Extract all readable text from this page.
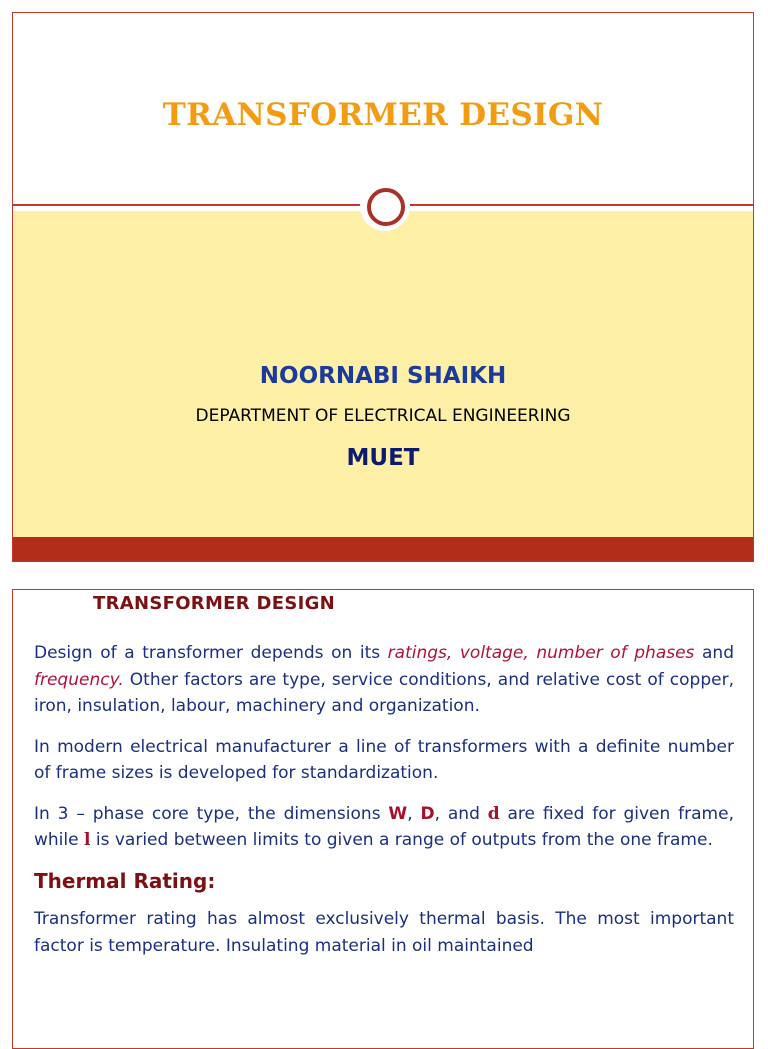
TRANSFORMER DESIGN
NOORNABI SHAIKH
DEPARTMENT OF ELECTRICAL ENGINEERING
MUET
TRANSFORMER DESIGN

Design of a transformer depends on its ratings, voltage, number of phases and frequency. Other factors are type, service conditions, and relative cost of copper, iron, insulation, labour, machinery and organization.

In modern electrical manufacturer a line of transformers with a definite number of frame sizes is developed for standardization.

In 3 – phase core type, the dimensions W, D, and d are fixed for given frame, while l is varied between limits to given a range of outputs from the one frame.

Thermal Rating:

Transformer rating has almost exclusively thermal basis. The most important factor is temperature. Insulating material in oil maintained
